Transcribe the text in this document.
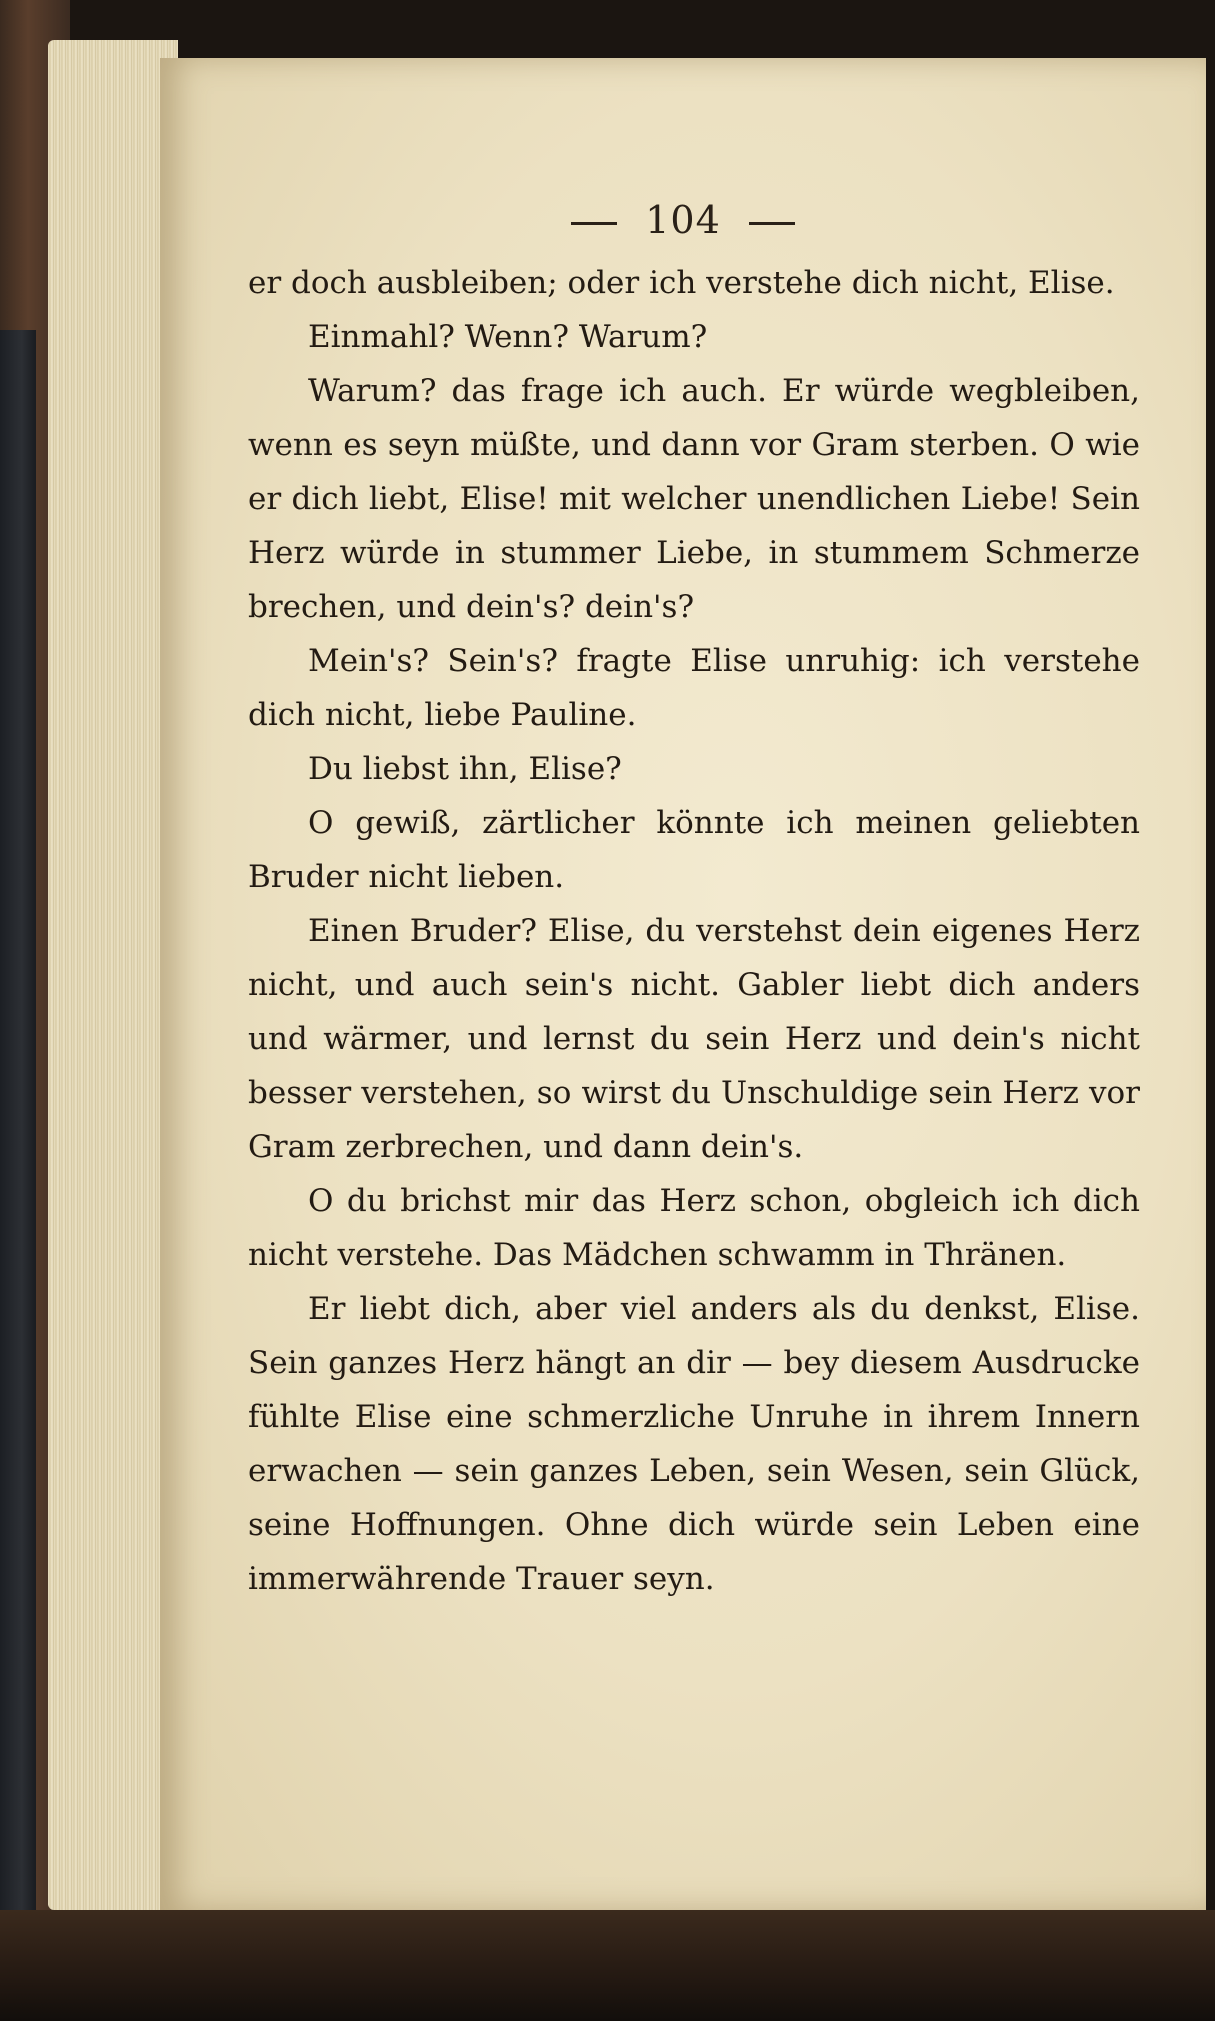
104

er doch ausbleiben; oder ich verstehe dich nicht, Elise.

Einmahl? Wenn? Warum?

Warum? das frage ich auch. Er würde wegbleiben, wenn es seyn müßte, und dann vor Gram sterben. O wie er dich liebt, Elise! mit welcher unendlichen Liebe! Sein Herz würde in stummer Liebe, in stummem Schmerze brechen, und dein's? dein's?

Mein's? Sein's? fragte Elise unruhig: ich verstehe dich nicht, liebe Pauline.

Du liebst ihn, Elise?

O gewiß, zärtlicher könnte ich meinen geliebten Bruder nicht lieben.

Einen Bruder? Elise, du verstehst dein eigenes Herz nicht, und auch sein's nicht. Gabler liebt dich anders und wärmer, und lernst du sein Herz und dein's nicht besser verstehen, so wirst du Unschuldige sein Herz vor Gram zerbrechen, und dann dein's.

O du brichst mir das Herz schon, obgleich ich dich nicht verstehe. Das Mädchen schwamm in Thränen.

Er liebt dich, aber viel anders als du denkst, Elise. Sein ganzes Herz hängt an dir — bey diesem Ausdrucke fühlte Elise eine schmerzliche Unruhe in ihrem Innern erwachen — sein ganzes Leben, sein Wesen, sein Glück, seine Hoffnungen. Ohne dich würde sein Leben eine immerwährende Trauer seyn.
